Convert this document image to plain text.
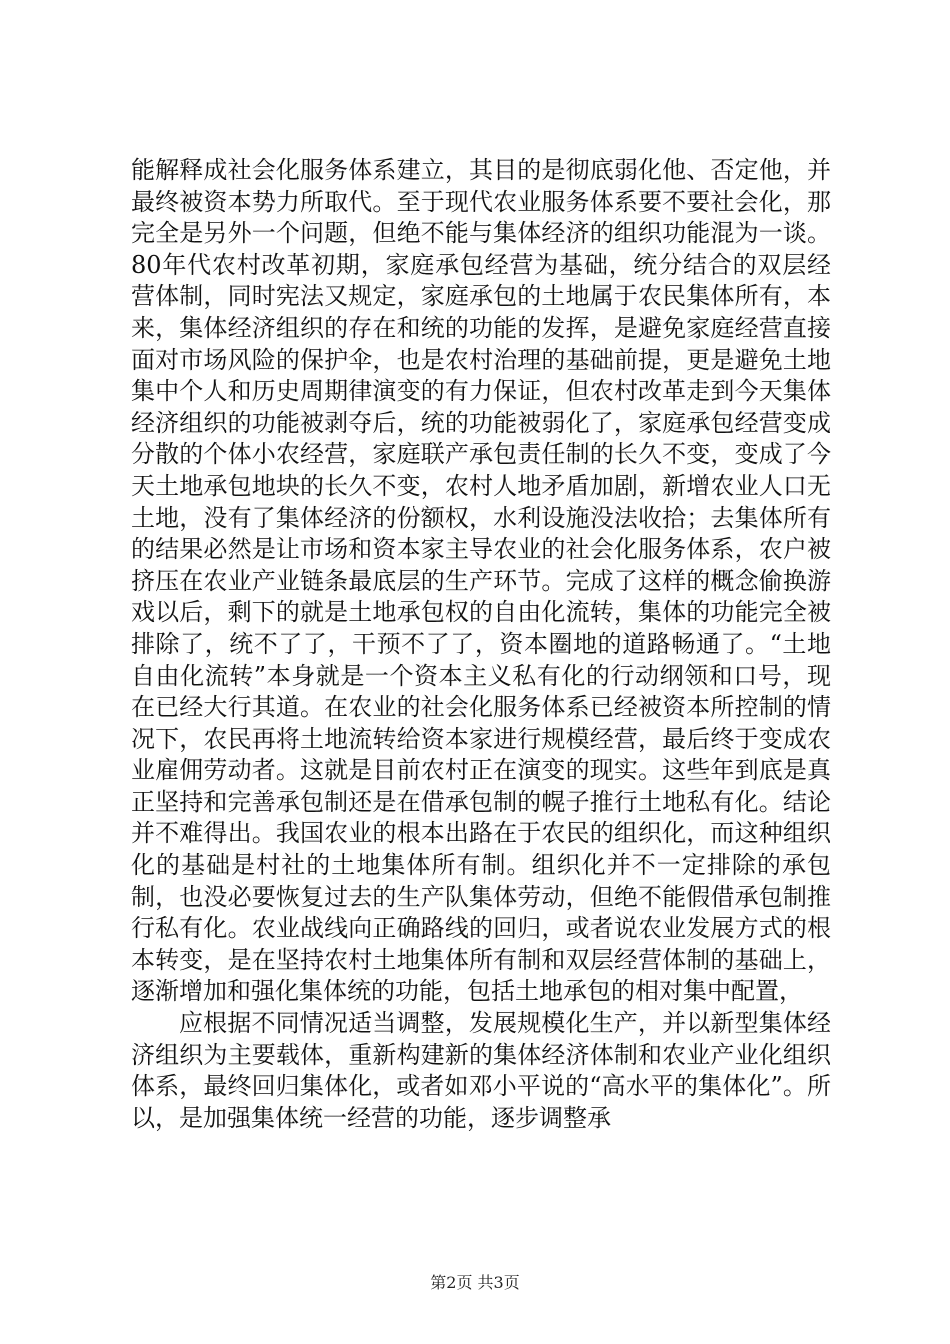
能解释成社会化服务体系建立，其目的是彻底弱化他、否定他，并最终被资本势力所取代。至于现代农业服务体系要不要社会化，那完全是另外一个问题，但绝不能与集体经济的组织功能混为一谈。80年代农村改革初期，家庭承包经营为基础，统分结合的双层经营体制，同时宪法又规定，家庭承包的土地属于农民集体所有，本来，集体经济组织的存在和统的功能的发挥，是避免家庭经营直接面对市场风险的保护伞，也是农村治理的基础前提，更是避免土地集中个人和历史周期律演变的有力保证，但农村改革走到今天集体经济组织的功能被剥夺后，统的功能被弱化了，家庭承包经营变成分散的个体小农经营，家庭联产承包责任制的长久不变，变成了今天土地承包地块的长久不变，农村人地矛盾加剧，新增农业人口无土地，没有了集体经济的份额权，水利设施没法收拾；去集体所有的结果必然是让市场和资本家主导农业的社会化服务体系，农户被挤压在农业产业链条最底层的生产环节。完成了这样的概念偷换游戏以后，剩下的就是土地承包权的自由化流转，集体的功能完全被排除了，统不了了，干预不了了，资本圈地的道路畅通了。“土地自由化流转”本身就是一个资本主义私有化的行动纲领和口号，现在已经大行其道。在农业的社会化服务体系已经被资本所控制的情况下，农民再将土地流转给资本家进行规模经营，最后终于变成农业雇佣劳动者。这就是目前农村正在演变的现实。这些年到底是真正坚持和完善承包制还是在借承包制的幌子推行土地私有化。结论并不难得出。我国农业的根本出路在于农民的组织化，而这种组织化的基础是村社的土地集体所有制。组织化并不一定排除的承包制，也没必要恢复过去的生产队集体劳动，但绝不能假借承包制推行私有化。农业战线向正确路线的回归，或者说农业发展方式的根本转变，是在坚持农村土地集体所有制和双层经营体制的基础上，逐渐增加和强化集体统的功能，包括土地承包的相对集中配置，

应根据不同情况适当调整，发展规模化生产，并以新型集体经济组织为主要载体，重新构建新的集体经济体制和农业产业化组织体系，最终回归集体化，或者如邓小平说的“高水平的集体化”。所以，是加强集体统一经营的功能，逐步调整承

第2页 共3页
